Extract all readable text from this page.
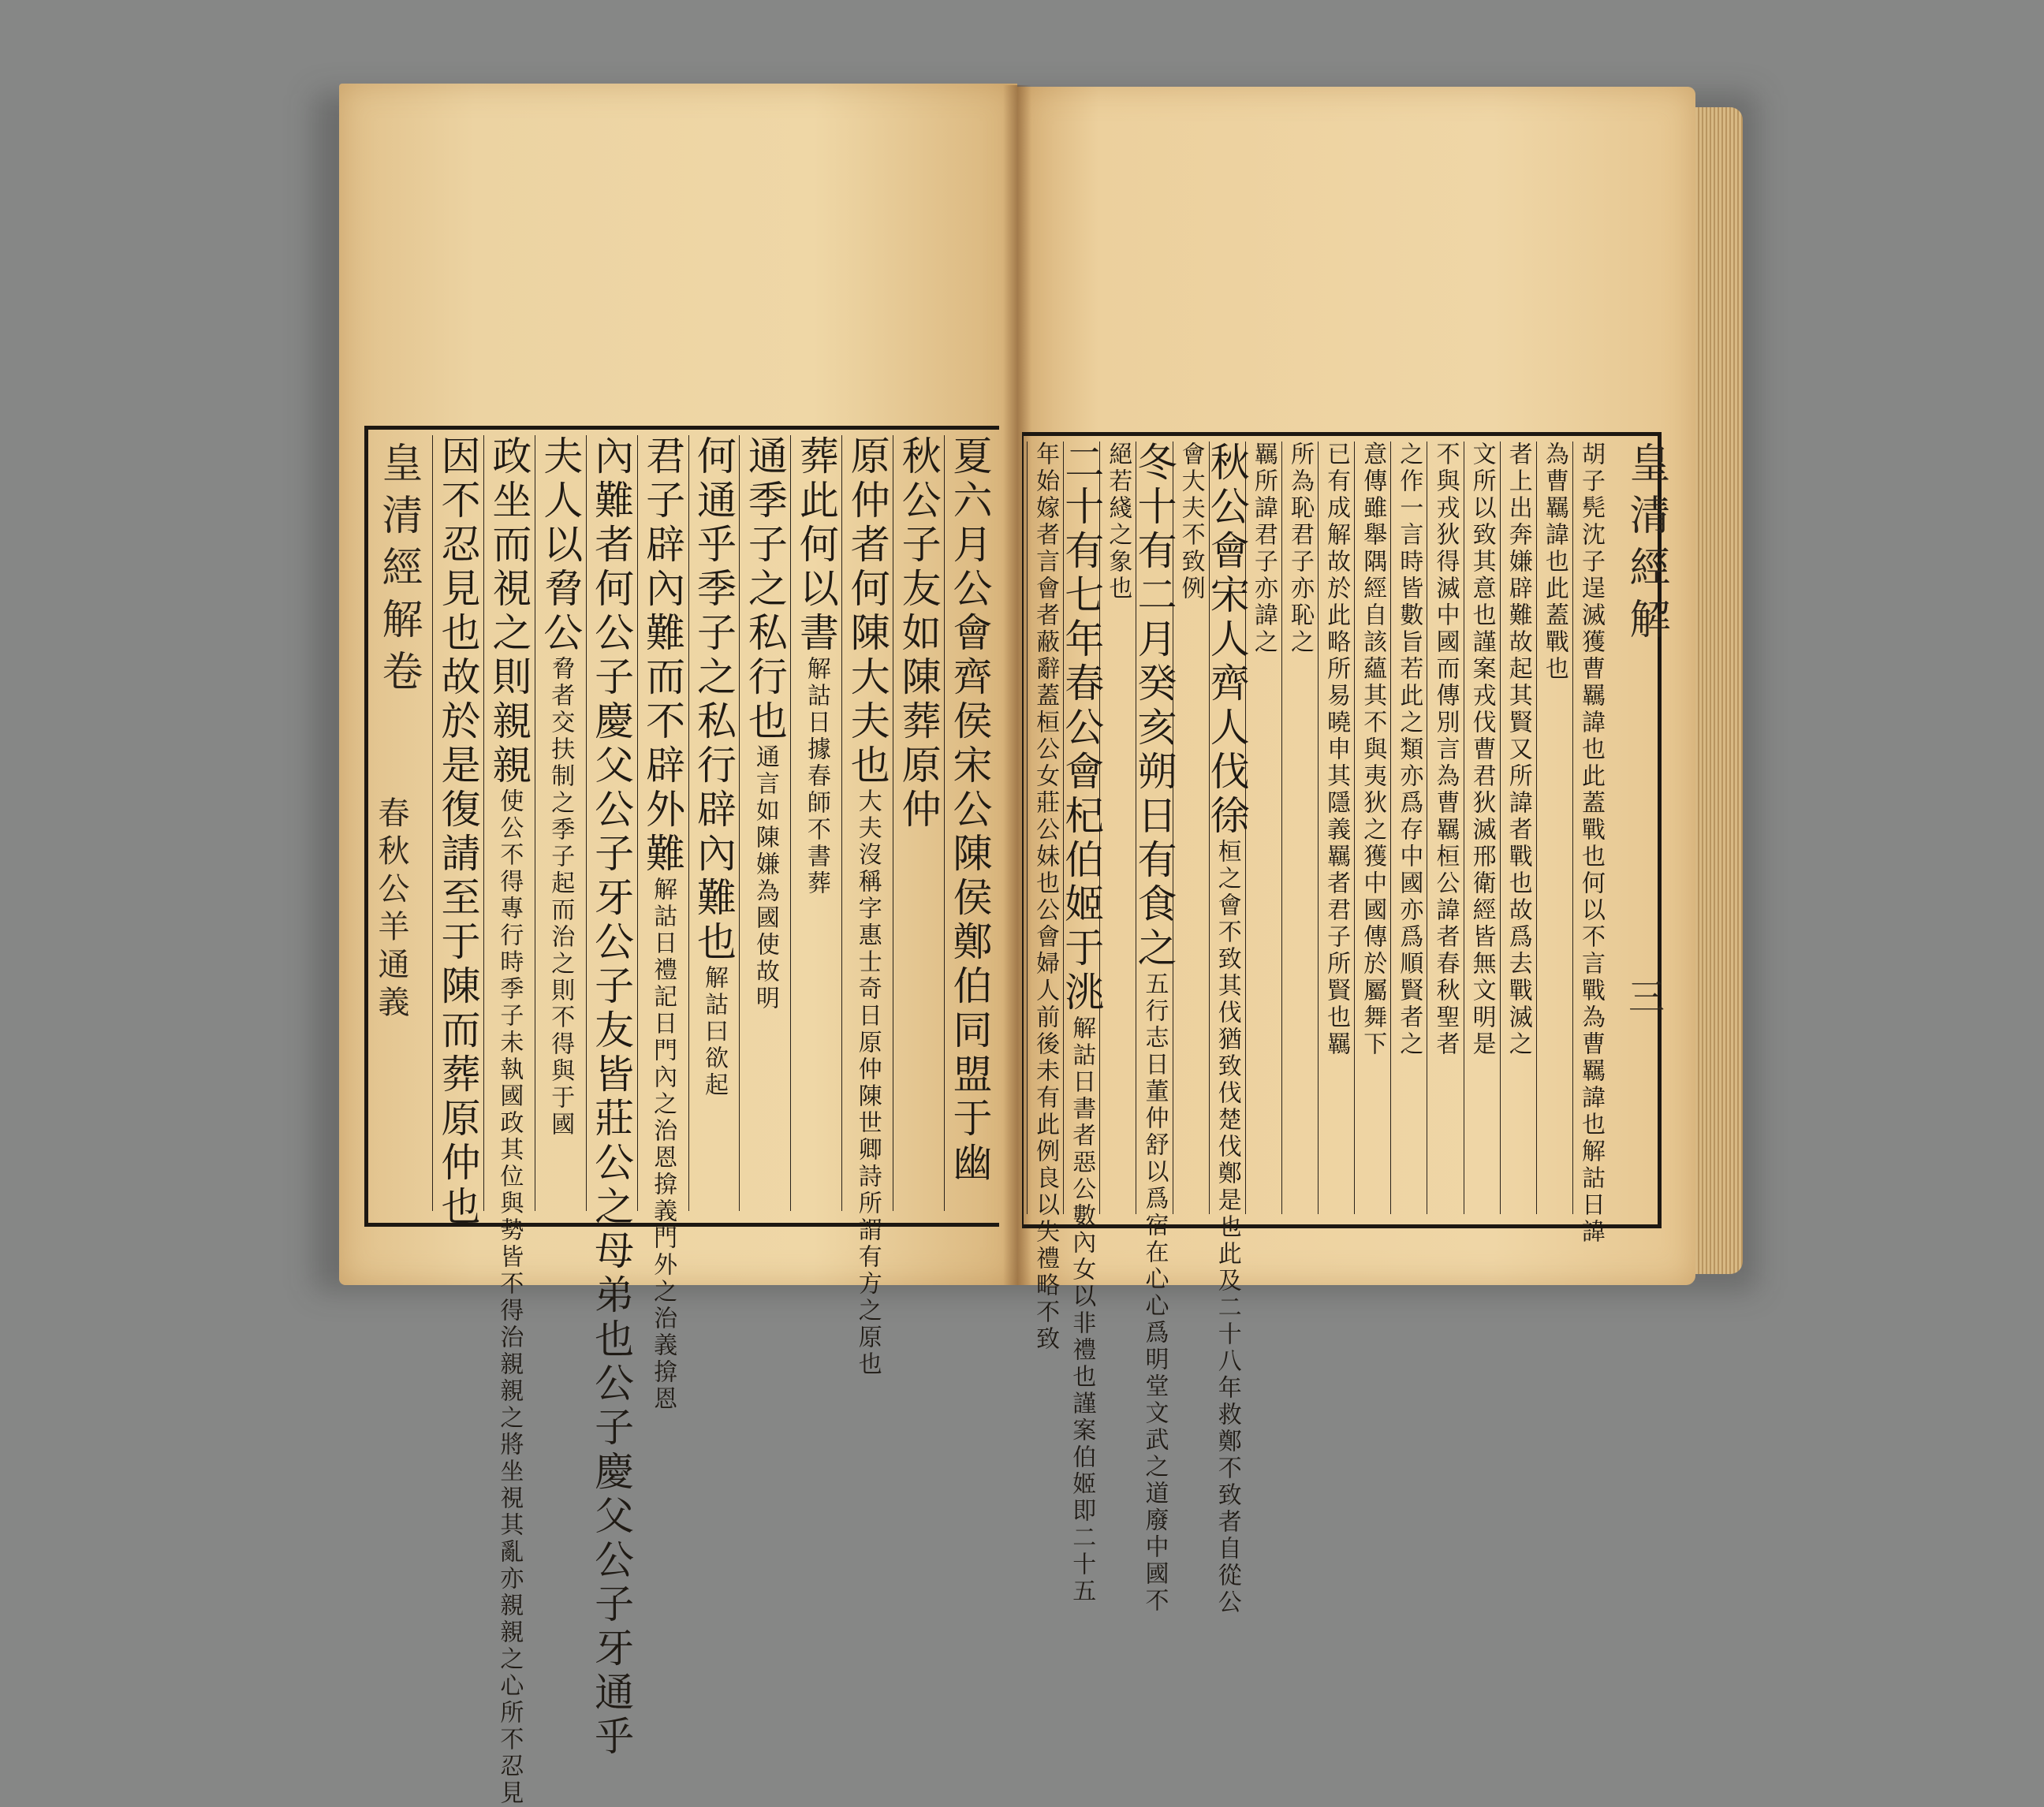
皇清經解卷
春秋公羊通義	夏六月公會齊侯宋公陳侯鄭伯同盟于幽
秋公子友如陳葬原仲
原仲者何陳大夫也
大夫沒稱字惠士奇日原仲陳世卿詩所謂有方之原也
葬此何以書
解詁日據春師不書葬
通季子之私行也
通言如陳嫌為國使故明
何通乎季子之私行辟內難也
解詁曰欲起
君子辟內難而不辟外難
解詁日禮記日門內之治恩揜義門外之治義揜恩
內難者何公子慶父公子牙公子友皆莊公之母弟也公子慶父公子牙通乎
夫人以脅公
脅者交扶制之季子起而治之則不得與于國
政坐而視之則親親
使公不得專行時季子未執國政其位與勢皆不得治親親之將坐視其亂亦親親之心所不忍見
因不忍見也故於是復請至于陳而葬原仲也	皇清經解
胡子髡沈子逞滅獲曹羈諱也此蓋戰也何以不言戰為曹羈諱也解詁日諱
為曹羈諱也此蓋戰也
者上出奔嫌辟難故起其賢又所諱者戰也故爲去戰滅之
文所以致其意也謹案戎伐曹君狄滅邢衛經皆無文明是
不與戎狄得滅中國而傳別言為曹羈桓公諱者春秋聖者
之作一言時皆數旨若此之類亦爲存中國亦爲順賢者之
意傳雖舉隅經自該蘊其不與夷狄之獲中國傳於屬舞下
已有成解故於此略所易曉申其隱義羈者君子所賢也羈
所為恥君子亦恥之
羈所諱君子亦諱之
秋公會宋人齊人伐徐
桓之會不致其伐猶致伐楚伐鄭是也此及二十八年救鄭不致者自從公
會大夫不致例
冬十有二月癸亥朔日有食之
五行志日董仲舒以爲宿在心心爲明堂文武之道廢中國不
絕若綫之象也
二十有七年春公會杞伯姬于洮
解詁日書者惡公數內女以非禮也謹案伯姬即二十五
年始嫁者言會者蔽辭蓋桓公女莊公妹也公會婦人前後未有此例良以失禮略不致	三
